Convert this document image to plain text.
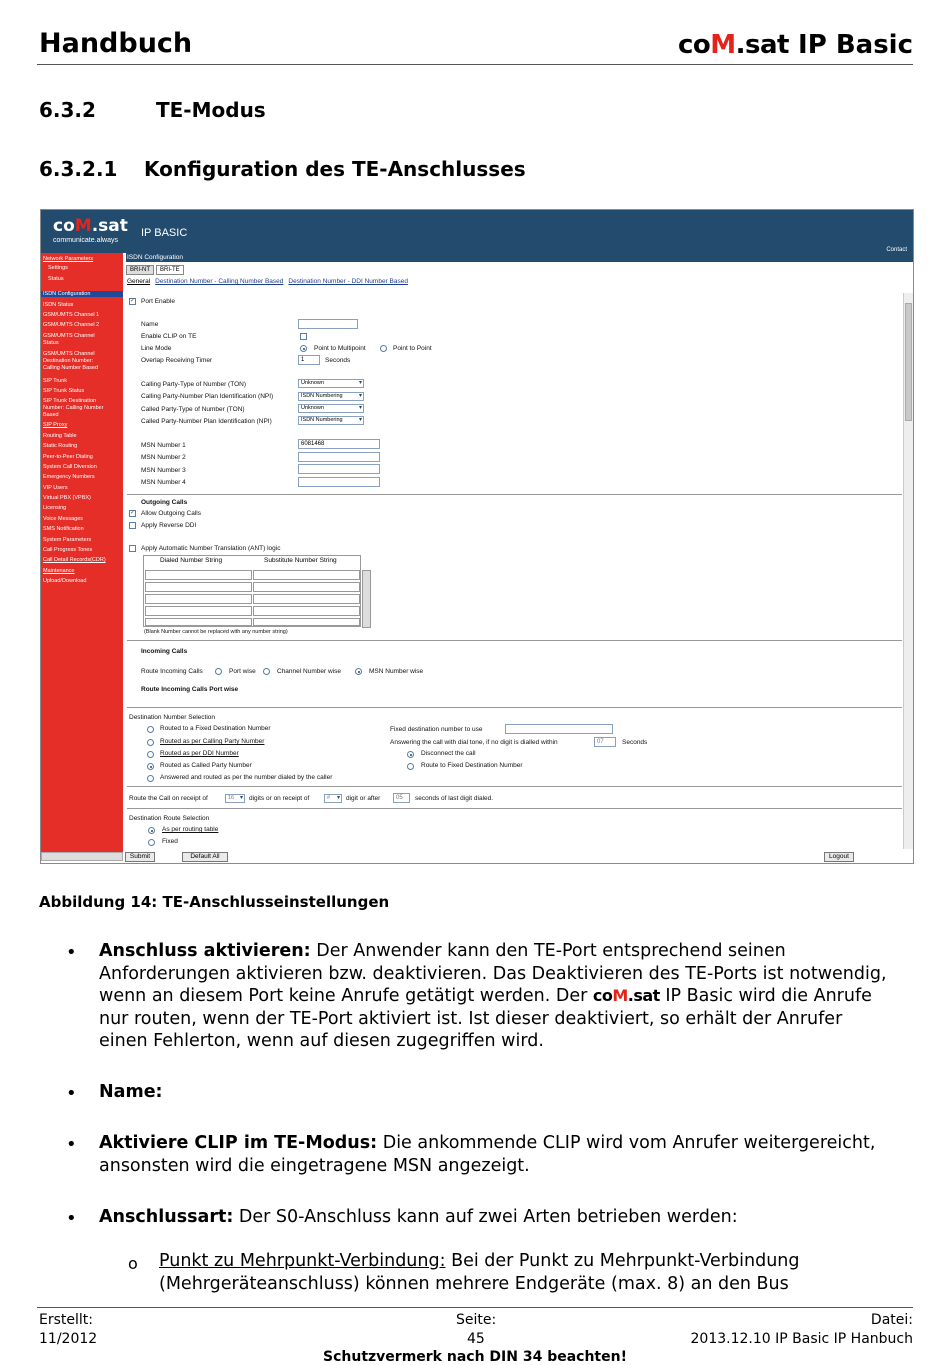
Handbuch	coM.sat IP Basic
6.3.2	TE-Modus
6.3.2.1 Konfiguration des TE-Anschlusses
coM.sat
communicate.always
IP BASIC
Contact
Network Parameters
Settings
Status
ISDN Configuration
ISDN Status
GSM/UMTS Channel 1
GSM/UMTS Channel 2
GSM/UMTS Channel
Status
GSM/UMTS Channel
Destination Number:
Calling Number Based
SIP Trunk
SIP Trunk Status
SIP Trunk Destination
Number: Calling Number
Based
SIP Proxy
Routing Table
Static Routing
Peer-to-Peer Dialing
System Call Diversion
Emergency Numbers
VIP Users
Virtual PBX (VPBX)
Licensing
Voice Messages
SMS Notification
System Parameters
Call Progress Tones
Call Detail Records(CDR)
Maintenance
Upload/Download
ISDN Configuration
BRI-NT BRI-TE
General Destination Number - Calling Number Based Destination Number - DDI Number Based
✓ Port Enable
Name
Enable CLIP on TE
Line Mode	Point to Multipoint	Point to Point
Overlap Receiving Timer	1	Seconds
Calling Party-Type of Number (TON)	Unknown ▾
Calling Party-Number Plan Identification (NPI)	ISDN Numbering ▾
Called Party-Type of Number (TON)	Unknown ▾
Called Party-Number Plan Identification (NPI)	ISDN Numbering ▾
MSN Number 1	6081468
MSN Number 2
MSN Number 3
MSN Number 4
Outgoing Calls
✓ Allow Outgoing Calls
Apply Reverse DDI
Apply Automatic Number Translation (ANT) logic
Dialed Number String	Substitute Number String
(Blank Number cannot be replaced with any number string)
Incoming Calls
Route Incoming Calls	Port wise	Channel Number wise	MSN Number wise
Route Incoming Calls Port wise
Destination Number Selection
Routed to a Fixed Destination Number
Routed as per Calling Party Number
Routed as per DDI Number
Routed as Called Party Number
Answered and routed as per the number dialed by the caller
Fixed destination number to use
Answering the call with dial tone, if no digit is dialled within	07	Seconds
Disconnect the call
Route to Fixed Destination Number
Route the Call on receipt of	16 ▾	digits or on receipt of	# ▾	digit or after	05	seconds of last digit dialed.
Destination Route Selection
As per routing table
Fixed
Submit	Default All	Logout
Abbildung 14: TE-Anschlusseinstellungen
• Anschluss aktivieren: Der Anwender kann den TE-Port entsprechend seinen Anforderungen aktivieren bzw. deaktivieren. Das Deaktivieren des TE-Ports ist notwendig, wenn an diesem Port keine Anrufe getätigt werden. Der coM.sat IP Basic wird die Anrufe nur routen, wenn der TE-Port aktiviert ist. Ist dieser deaktiviert, so erhält der Anrufer einen Fehlerton, wenn auf diesen zugegriffen wird.
• Name:
• Aktiviere CLIP im TE-Modus: Die ankommende CLIP wird vom Anrufer weitergereicht, ansonsten wird die eingetragene MSN angezeigt.
• Anschlussart: Der S0-Anschluss kann auf zwei Arten betrieben werden:
o Punkt zu Mehrpunkt-Verbindung: Bei der Punkt zu Mehrpunkt-Verbindung (Mehrgeräteanschluss) können mehrere Endgeräte (max. 8) an den Bus
Erstellt:
11/2012
Seite:
45
Datei:
2013.12.10 IP Basic IP Hanbuch
Schutzvermerk nach DIN 34 beachten!
